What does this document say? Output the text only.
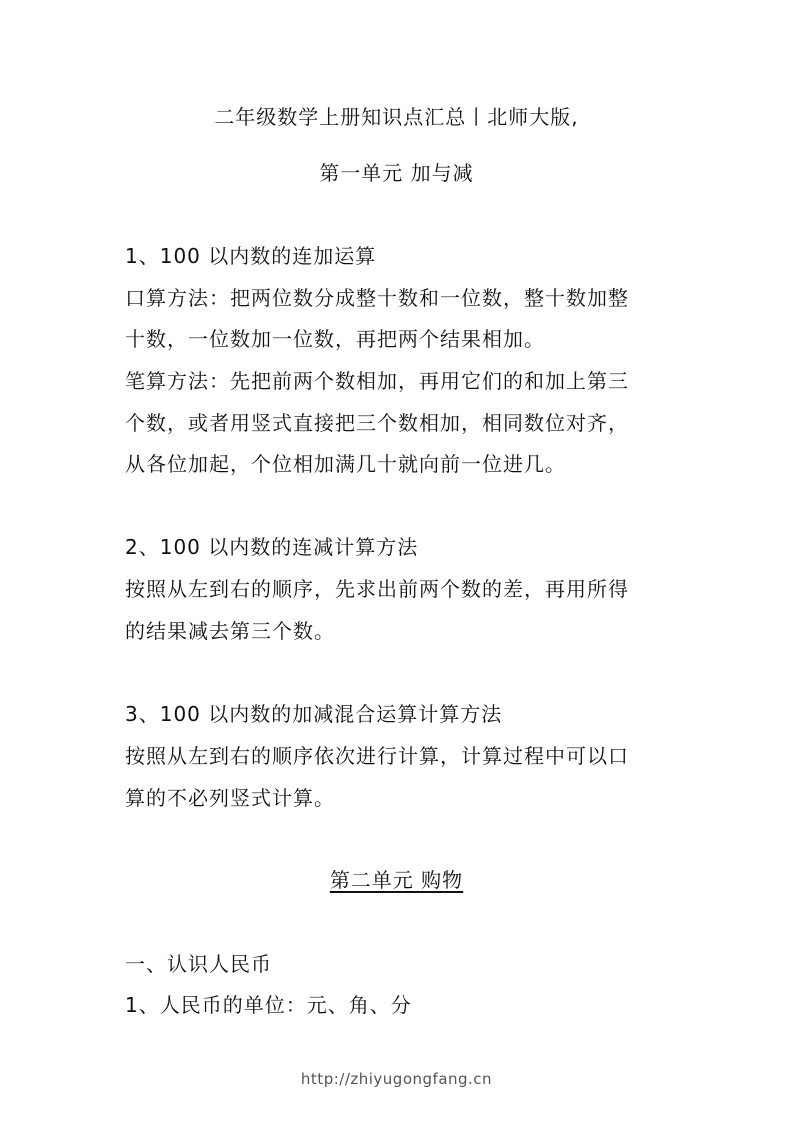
二年级数学上册知识点汇总丨北师大版,
第一单元 加与减
1、100 以内数的连加运算
口算方法：把两位数分成整十数和一位数，整十数加整
十数，一位数加一位数，再把两个结果相加。
笔算方法：先把前两个数相加，再用它们的和加上第三
个数，或者用竖式直接把三个数相加，相同数位对齐，
从各位加起，个位相加满几十就向前一位进几。
2、100 以内数的连减计算方法
按照从左到右的顺序，先求出前两个数的差，再用所得
的结果减去第三个数。
3、100 以内数的加减混合运算计算方法
按照从左到右的顺序依次进行计算，计算过程中可以口
算的不必列竖式计算。
第二单元 购物
一、认识人民币
1、人民币的单位：元、角、分
http://zhiyugongfang.cn
